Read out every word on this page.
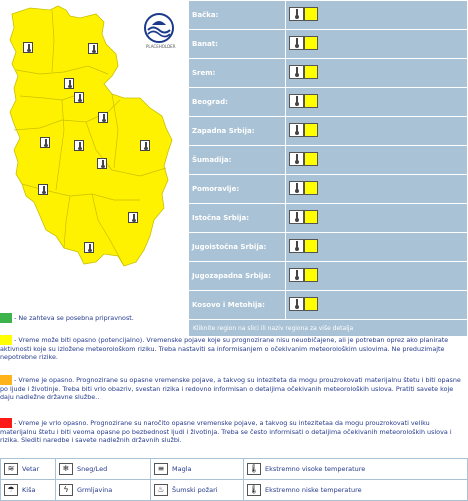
PLACEHOLDER
Bačka:	

Banat:	

Srem:	

Beograd:	

Zapadna Srbija:	

Šumadija:	

Pomoravlje:	

Istočna Srbija:	

Jugoistočna Srbija:	

Jugozapadna Srbija:	

Kosovo i Metohija:	

Kliknite region na slici ili naziv regiona za više detalja	

- Ne zahteva se posebna pripravnost.

- Vreme može biti opasno (potencijalno). Vremenske pojave koje su prognozirane nisu neuobičajene, ali je potreban oprez ako planirate aktivnosti koje su izložene meteorološkom riziku. Treba nastaviti sa informisanjem o očekivanim meteorološkim uslovima. Ne preduzimajte nepotrebne rizike.

- Vreme je opasno. Prognozirane su opasne vremenske pojave, a takvog su inteziteta da mogu prouzrokovati materijalnu štetu i biti opasne po ljude i životinje. Treba biti vrlo obazriv, svestan rizika i redovno informisan o detaljima očekivanih meteoroloških uslova. Pratiti savete koje daju nadležne državne službe..

- Vreme je vrlo opasno. Prognozirane su naročito opasne vremenske pojave, a takvog su intezitetaa da mogu prouzrokovati veliku materijalnu štetu i biti veoma opasne po bezbednost ljudi i životinja. Treba se često informisati o detaljima očekivanih meteoroloških uslova i rizika. Slediti naredbe i savete nadležnih državnih službi.

≋ Vetar	❄ Sneg/Led	≡ Magla	🌡 Ekstremno visoke temperature
☂ Kiša	ϟ Grmljavina	♨ Šumski požari	🌡 Ekstremno niske temperature
